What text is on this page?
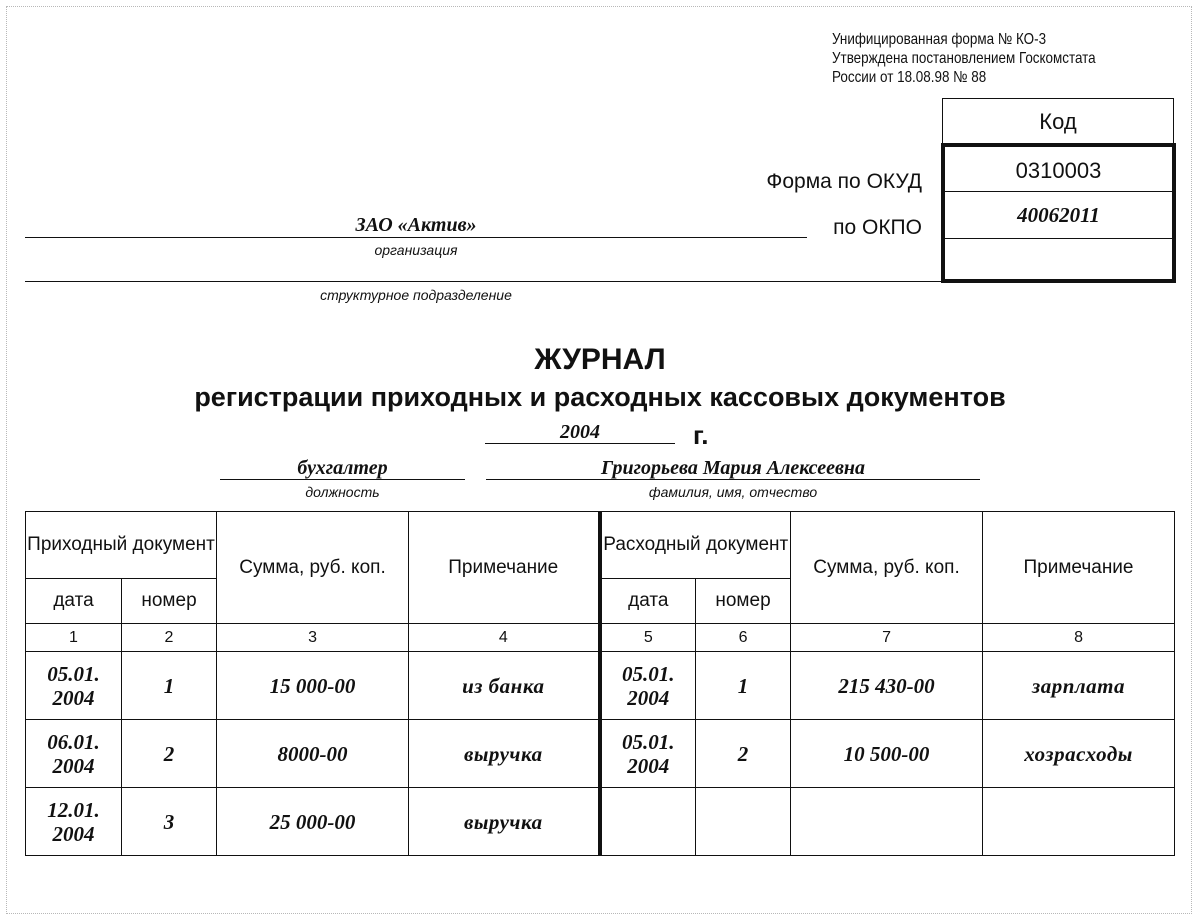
Унифицированная форма № КО-3
Утверждена постановлением Госкомстата
России от 18.08.98 № 88
Код
0310003
40062011
Форма по ОКУД
по ОКПО
ЗАО «Актив»
организация
структурное подразделение
ЖУРНАЛ
регистрации приходных и расходных кассовых документов
2004	г.
бухгалтер
должность
Григорьева Мария Алексеевна
фамилия, имя, отчество
Приходный документ		Сумма, руб. коп.	Примечание	Расходный документ		Сумма, руб. коп.	Примечание
дата	номер			дата	номер		
1	2	3	4	5	6	7	8
05.01. 2004	1	15 000-00	из банка	05.01. 2004	1	215 430-00	зарплата
06.01. 2004	2	8000-00	выручка	05.01. 2004	2	10 500-00	хозрасходы
12.01. 2004	3	25 000-00	выручка				
